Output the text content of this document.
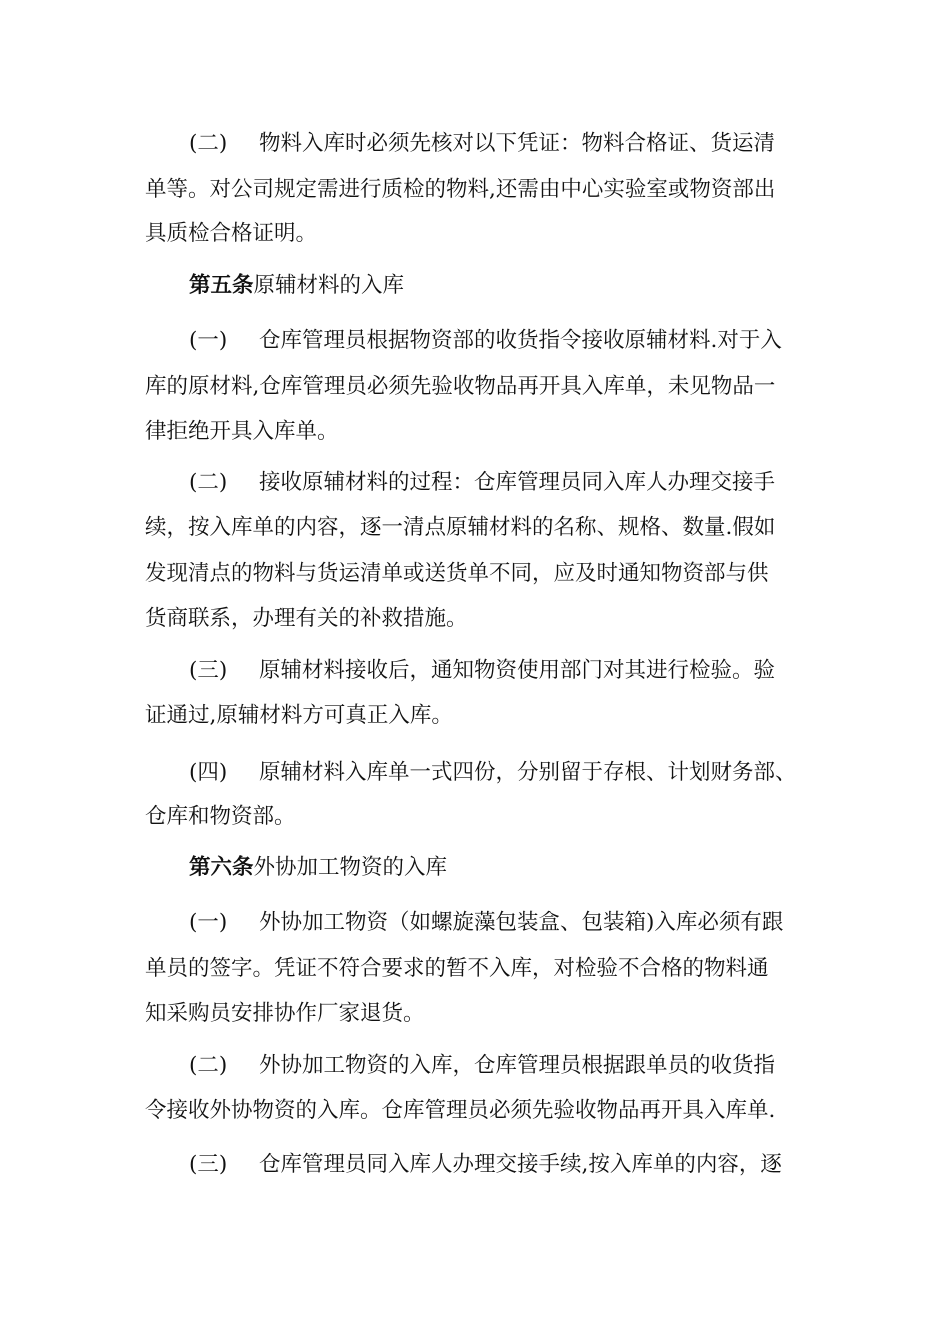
(二) 物料入库时必须先核对以下凭证：物料合格证、货运清
单等。对公司规定需进行质检的物料,还需由中心实验室或物资部出
具质检合格证明。
第五条原辅材料的入库
(一) 仓库管理员根据物资部的收货指令接收原辅材料.对于入
库的原材料,仓库管理员必须先验收物品再开具入库单，未见物品一
律拒绝开具入库单。
(二) 接收原辅材料的过程：仓库管理员同入库人办理交接手
续，按入库单的内容，逐一清点原辅材料的名称、规格、数量.假如
发现清点的物料与货运清单或送货单不同，应及时通知物资部与供
货商联系，办理有关的补救措施。
(三) 原辅材料接收后，通知物资使用部门对其进行检验。验
证通过,原辅材料方可真正入库。
(四) 原辅材料入库单一式四份，分别留于存根、计划财务部、
仓库和物资部。
第六条外协加工物资的入库
(一) 外协加工物资（如螺旋藻包装盒、包装箱)入库必须有跟
单员的签字。凭证不符合要求的暂不入库，对检验不合格的物料通
知采购员安排协作厂家退货。
(二) 外协加工物资的入库，仓库管理员根据跟单员的收货指
令接收外协物资的入库。仓库管理员必须先验收物品再开具入库单.
(三) 仓库管理员同入库人办理交接手续,按入库单的内容，逐
